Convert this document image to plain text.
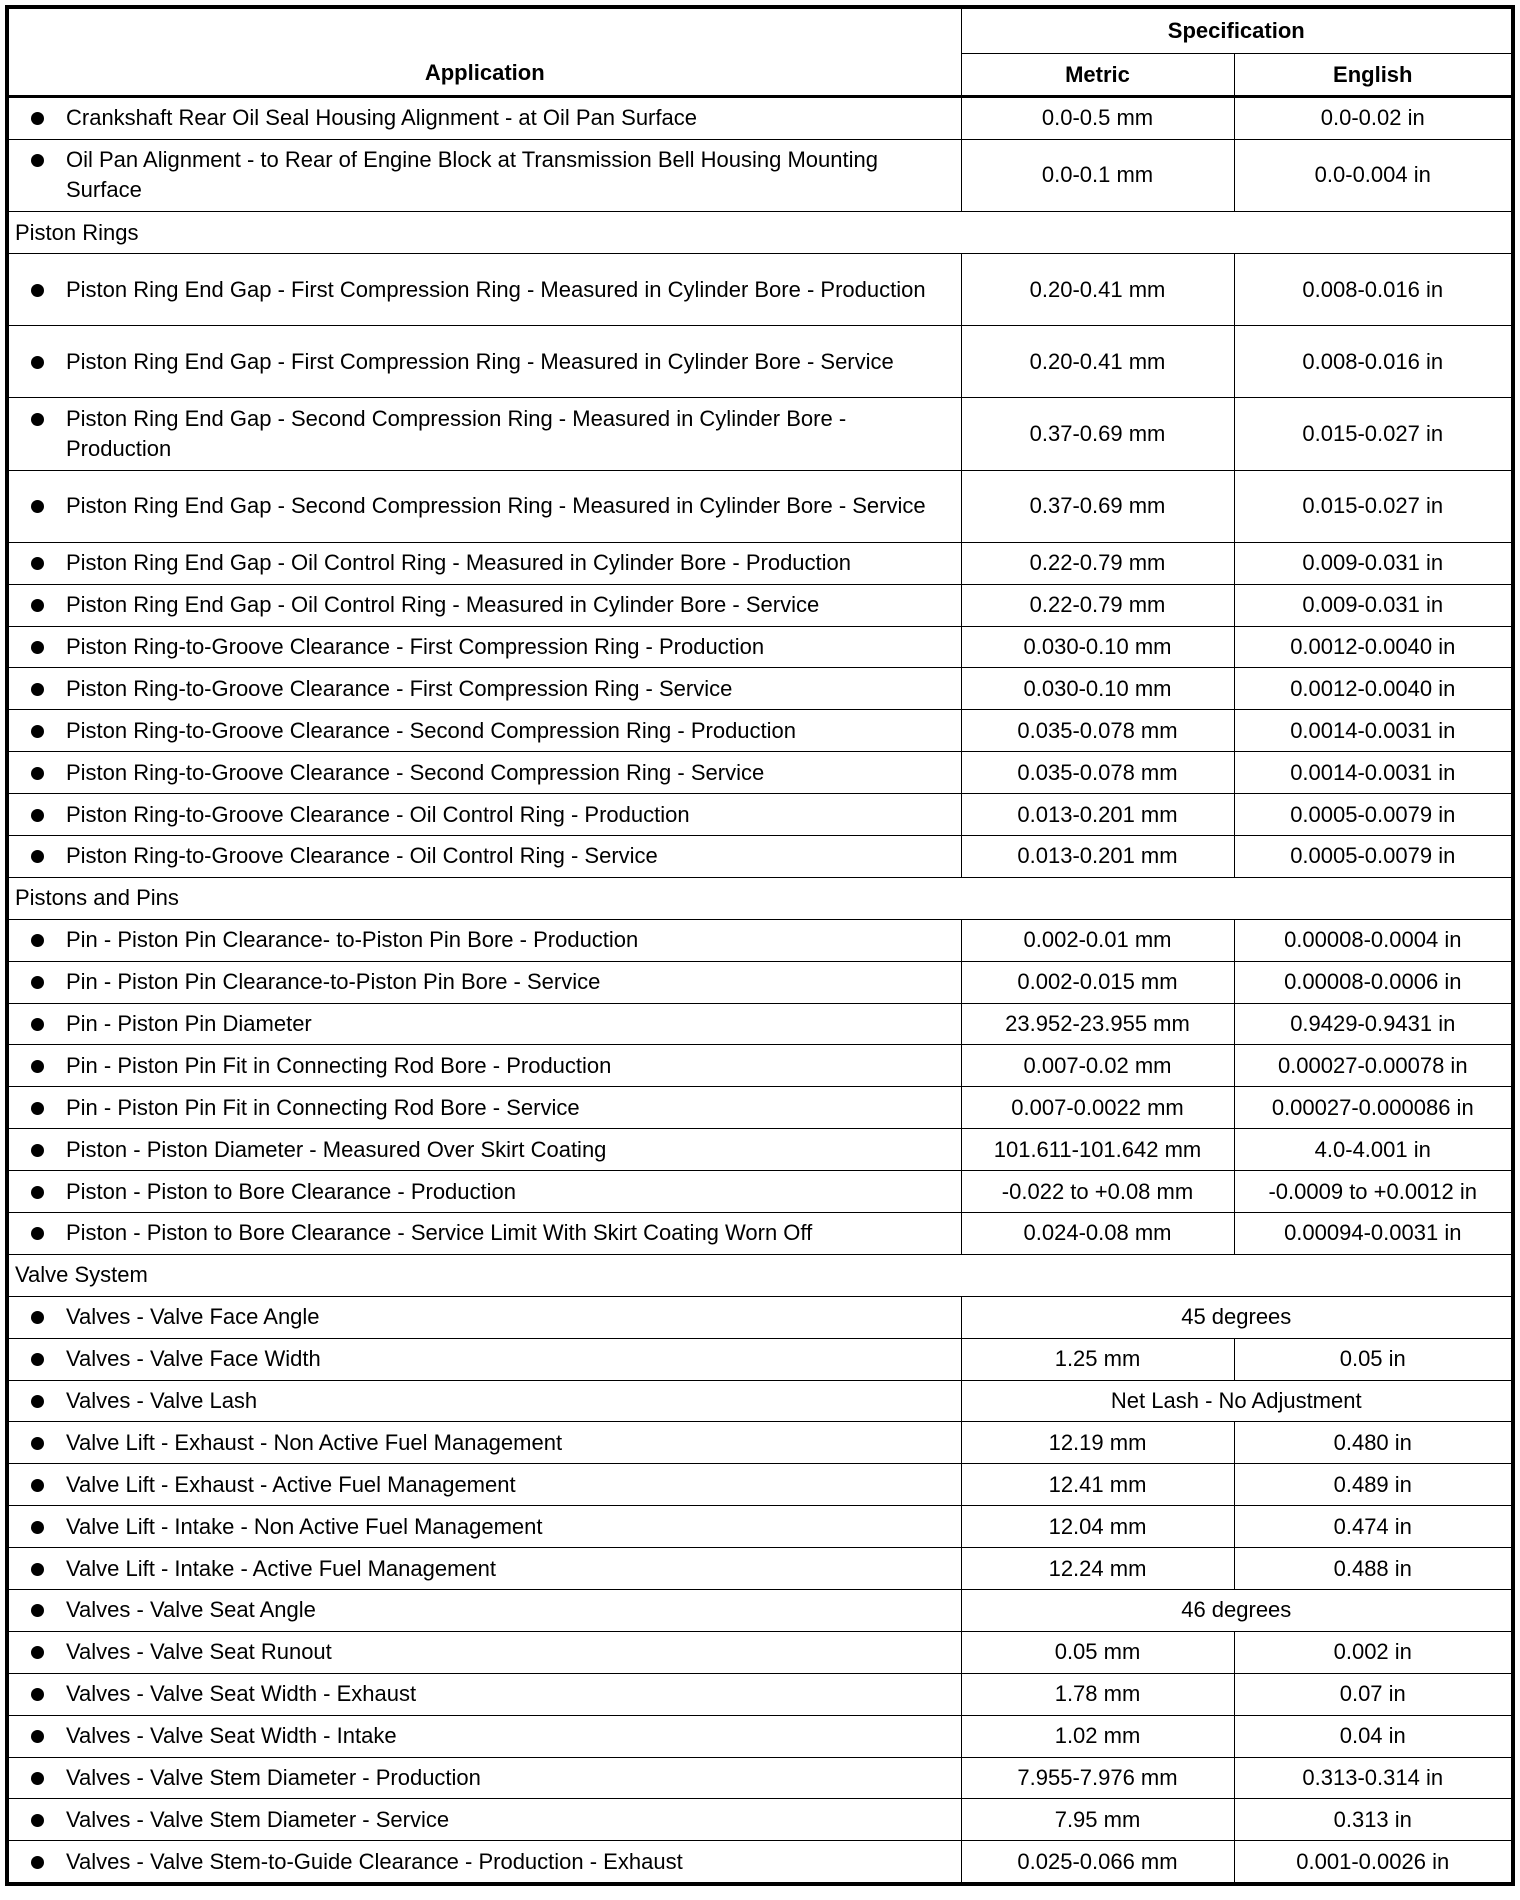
Application	Specification	
	Metric	English

Crankshaft Rear Oil Seal Housing Alignment - at Oil Pan Surface	0.0-0.5 mm	0.0-0.02 in

Oil Pan Alignment - to Rear of Engine Block at Transmission Bell Housing Mounting Surface	0.0-0.1 mm	0.0-0.004 in
Piston Rings		

Piston Ring End Gap - First Compression Ring - Measured in Cylinder Bore - Production	0.20-0.41 mm	0.008-0.016 in

Piston Ring End Gap - First Compression Ring - Measured in Cylinder Bore - Service	0.20-0.41 mm	0.008-0.016 in

Piston Ring End Gap - Second Compression Ring - Measured in Cylinder Bore - Production	0.37-0.69 mm	0.015-0.027 in

Piston Ring End Gap - Second Compression Ring - Measured in Cylinder Bore - Service	0.37-0.69 mm	0.015-0.027 in

Piston Ring End Gap - Oil Control Ring - Measured in Cylinder Bore - Production	0.22-0.79 mm	0.009-0.031 in

Piston Ring End Gap - Oil Control Ring - Measured in Cylinder Bore - Service	0.22-0.79 mm	0.009-0.031 in

Piston Ring-to-Groove Clearance - First Compression Ring - Production	0.030-0.10 mm	0.0012-0.0040 in

Piston Ring-to-Groove Clearance - First Compression Ring - Service	0.030-0.10 mm	0.0012-0.0040 in

Piston Ring-to-Groove Clearance - Second Compression Ring - Production	0.035-0.078 mm	0.0014-0.0031 in

Piston Ring-to-Groove Clearance - Second Compression Ring - Service	0.035-0.078 mm	0.0014-0.0031 in

Piston Ring-to-Groove Clearance - Oil Control Ring - Production	0.013-0.201 mm	0.0005-0.0079 in

Piston Ring-to-Groove Clearance - Oil Control Ring - Service	0.013-0.201 mm	0.0005-0.0079 in
Pistons and Pins		

Pin - Piston Pin Clearance- to-Piston Pin Bore - Production	0.002-0.01 mm	0.00008-0.0004 in

Pin - Piston Pin Clearance-to-Piston Pin Bore - Service	0.002-0.015 mm	0.00008-0.0006 in

Pin - Piston Pin Diameter	23.952-23.955 mm	0.9429-0.9431 in

Pin - Piston Pin Fit in Connecting Rod Bore - Production	0.007-0.02 mm	0.00027-0.00078 in

Pin - Piston Pin Fit in Connecting Rod Bore - Service	0.007-0.0022 mm	0.00027-0.000086 in

Piston - Piston Diameter - Measured Over Skirt Coating	101.611-101.642 mm	4.0-4.001 in

Piston - Piston to Bore Clearance - Production	-0.022 to +0.08 mm	-0.0009 to +0.0012 in

Piston - Piston to Bore Clearance - Service Limit With Skirt Coating Worn Off	0.024-0.08 mm	0.00094-0.0031 in
Valve System		

Valves - Valve Face Angle	45 degrees	

Valves - Valve Face Width	1.25 mm	0.05 in

Valves - Valve Lash	Net Lash - No Adjustment	

Valve Lift - Exhaust - Non Active Fuel Management	12.19 mm	0.480 in

Valve Lift - Exhaust - Active Fuel Management	12.41 mm	0.489 in

Valve Lift - Intake - Non Active Fuel Management	12.04 mm	0.474 in

Valve Lift - Intake - Active Fuel Management	12.24 mm	0.488 in

Valves - Valve Seat Angle	46 degrees	

Valves - Valve Seat Runout	0.05 mm	0.002 in

Valves - Valve Seat Width - Exhaust	1.78 mm	0.07 in

Valves - Valve Seat Width - Intake	1.02 mm	0.04 in

Valves - Valve Stem Diameter - Production	7.955-7.976 mm	0.313-0.314 in

Valves - Valve Stem Diameter - Service	7.95 mm	0.313 in

Valves - Valve Stem-to-Guide Clearance - Production - Exhaust	0.025-0.066 mm	0.001-0.0026 in
